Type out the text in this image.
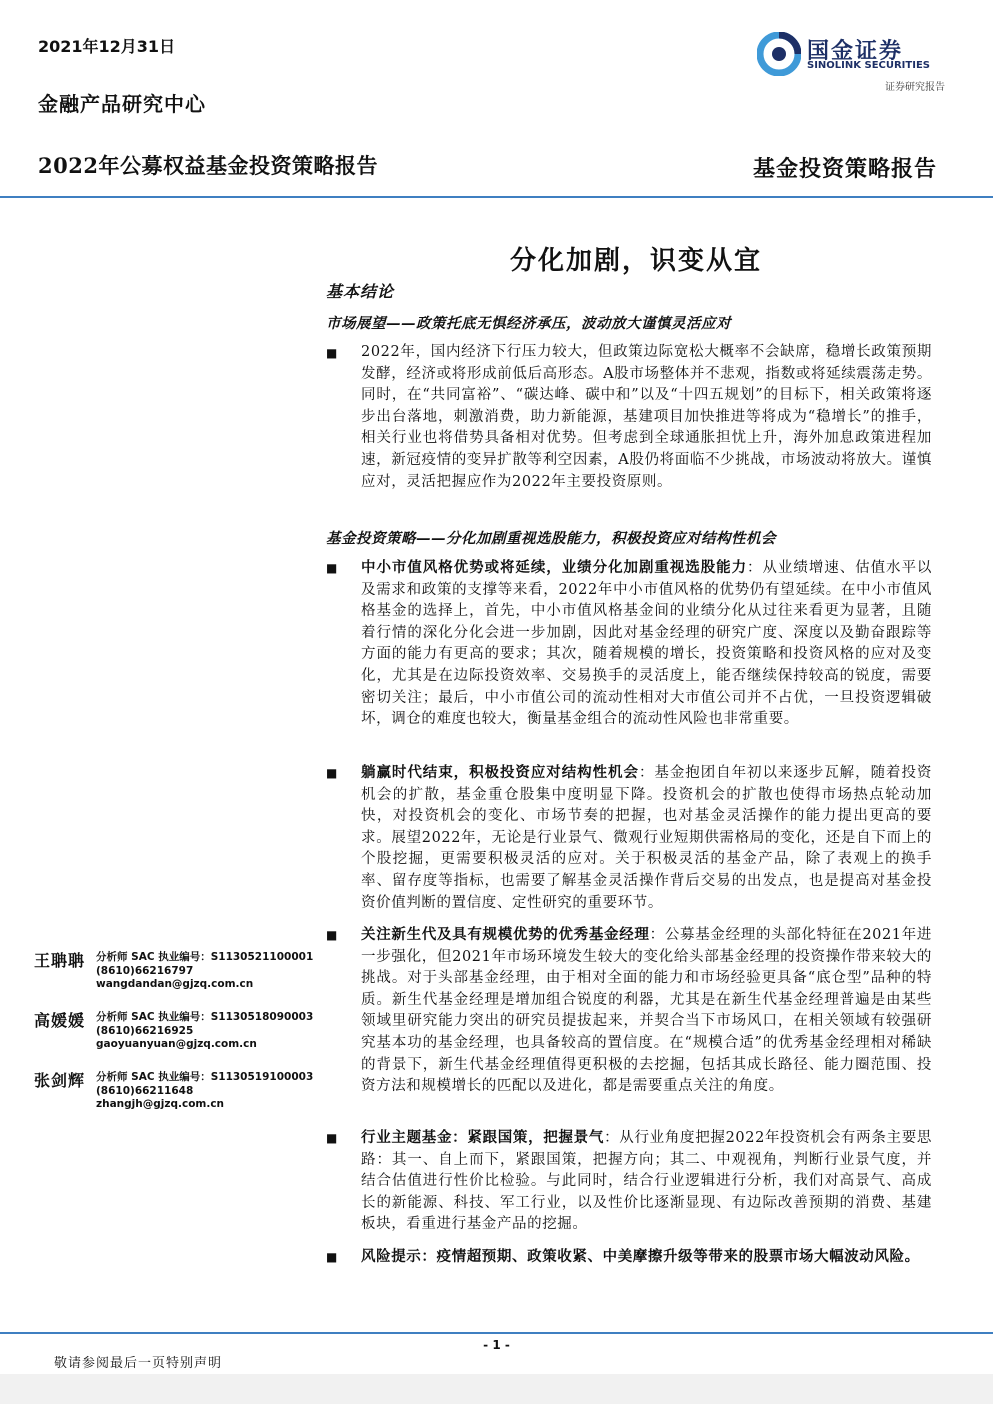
2021年12月31日
金融产品研究中心
2022年公募权益基金投资策略报告	基金投资策略报告
国金证券
SINOLINK SECURITIES
证券研究报告
分化加剧，识变从宜
基本结论
市场展望——政策托底无惧经济承压，波动放大谨慎灵活应对
■ 2022年，国内经济下行压力较大，但政策边际宽松大概率不会缺席，稳增长政策预期发酵，经济或将形成前低后高形态。A股市场整体并不悲观，指数或将延续震荡走势。同时，在“共同富裕”、“碳达峰、碳中和”以及“十四五规划”的目标下，相关政策将逐步出台落地，刺激消费，助力新能源，基建项目加快推进等将成为“稳增长”的推手，相关行业也将借势具备相对优势。但考虑到全球通胀担忧上升，海外加息政策进程加速，新冠疫情的变异扩散等利空因素，A股仍将面临不少挑战，市场波动将放大。谨慎应对，灵活把握应作为2022年主要投资原则。
基金投资策略——分化加剧重视选股能力，积极投资应对结构性机会
■ 中小市值风格优势或将延续，业绩分化加剧重视选股能力：从业绩增速、估值水平以及需求和政策的支撑等来看，2022年中小市值风格的优势仍有望延续。在中小市值风格基金的选择上，首先，中小市值风格基金间的业绩分化从过往来看更为显著，且随着行情的深化分化会进一步加剧，因此对基金经理的研究广度、深度以及勤奋跟踪等方面的能力有更高的要求；其次，随着规模的增长，投资策略和投资风格的应对及变化，尤其是在边际投资效率、交易换手的灵活度上，能否继续保持较高的锐度，需要密切关注；最后，中小市值公司的流动性相对大市值公司并不占优，一旦投资逻辑破坏，调仓的难度也较大，衡量基金组合的流动性风险也非常重要。
■ 躺赢时代结束，积极投资应对结构性机会：基金抱团自年初以来逐步瓦解，随着投资机会的扩散，基金重仓股集中度明显下降。投资机会的扩散也使得市场热点轮动加快，对投资机会的变化、市场节奏的把握，也对基金灵活操作的能力提出更高的要求。展望2022年，无论是行业景气、微观行业短期供需格局的变化，还是自下而上的个股挖掘，更需要积极灵活的应对。关于积极灵活的基金产品，除了表观上的换手率、留存度等指标，也需要了解基金灵活操作背后交易的出发点，也是提高对基金投资价值判断的置信度、定性研究的重要环节。
■ 关注新生代及具有规模优势的优秀基金经理：公募基金经理的头部化特征在2021年进一步强化，但2021年市场环境发生较大的变化给头部基金经理的投资操作带来较大的挑战。对于头部基金经理，由于相对全面的能力和市场经验更具备“底仓型”品种的特质。新生代基金经理是增加组合锐度的利器，尤其是在新生代基金经理普遍是由某些领域里研究能力突出的研究员提拔起来，并契合当下市场风口，在相关领域有较强研究基本功的基金经理，也具备较高的置信度。在“规模合适”的优秀基金经理相对稀缺的背景下，新生代基金经理值得更积极的去挖掘，包括其成长路径、能力圈范围、投资方法和规模增长的匹配以及进化，都是需要重点关注的角度。
■ 行业主题基金：紧跟国策，把握景气：从行业角度把握2022年投资机会有两条主要思路：其一、自上而下，紧跟国策，把握方向；其二、中观视角，判断行业景气度，并结合估值进行性价比检验。与此同时，结合行业逻辑进行分析，我们对高景气、高成长的新能源、科技、军工行业，以及性价比逐渐显现、有边际改善预期的消费、基建板块，看重进行基金产品的挖掘。
■ 风险提示：疫情超预期、政策收紧、中美摩擦升级等带来的股票市场大幅波动风险。
王聃聃 分析师 SAC 执业编号：S1130521100001
(8610)66216797
wangdandan@gjzq.com.cn
高媛媛 分析师 SAC 执业编号：S1130518090003
(8610)66216925
gaoyuanyuan@gjzq.com.cn
张剑辉 分析师 SAC 执业编号：S1130519100003
(8610)66211648
zhangjh@gjzq.com.cn
- 1 -
敬请参阅最后一页特别声明
